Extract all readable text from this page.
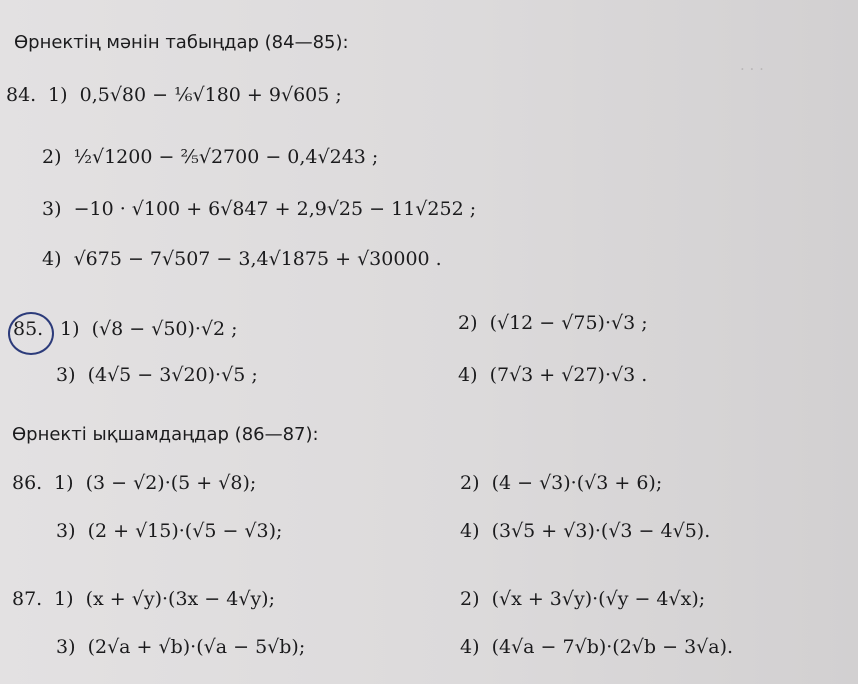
· · ·
Өрнектің мәнін табыңдар (84—85):
84. 1) 0,5√80 − ¹⁄₆√180 + 9√605 ;
2) ½√1200 − ²⁄₅√2700 − 0,4√243 ;
3) −10 · √100 + 6√847 + 2,9√25 − 11√252 ;
4) √675 − 7√507 − 3,4√1875 + √30000 .
85. 1) (√8 − √50)·√2 ;	2) (√12 − √75)·√3 ;
3) (4√5 − 3√20)·√5 ;	4) (7√3 + √27)·√3 .
Өрнекті ықшамдаңдар (86—87):
86. 1) (3 − √2)·(5 + √8);	2) (4 − √3)·(√3 + 6);
3) (2 + √15)·(√5 − √3);	4) (3√5 + √3)·(√3 − 4√5).
87. 1) (x + √y)·(3x − 4√y);	2) (√x + 3√y)·(√y − 4√x);
3) (2√a + √b)·(√a − 5√b);	4) (4√a − 7√b)·(2√b − 3√a).
